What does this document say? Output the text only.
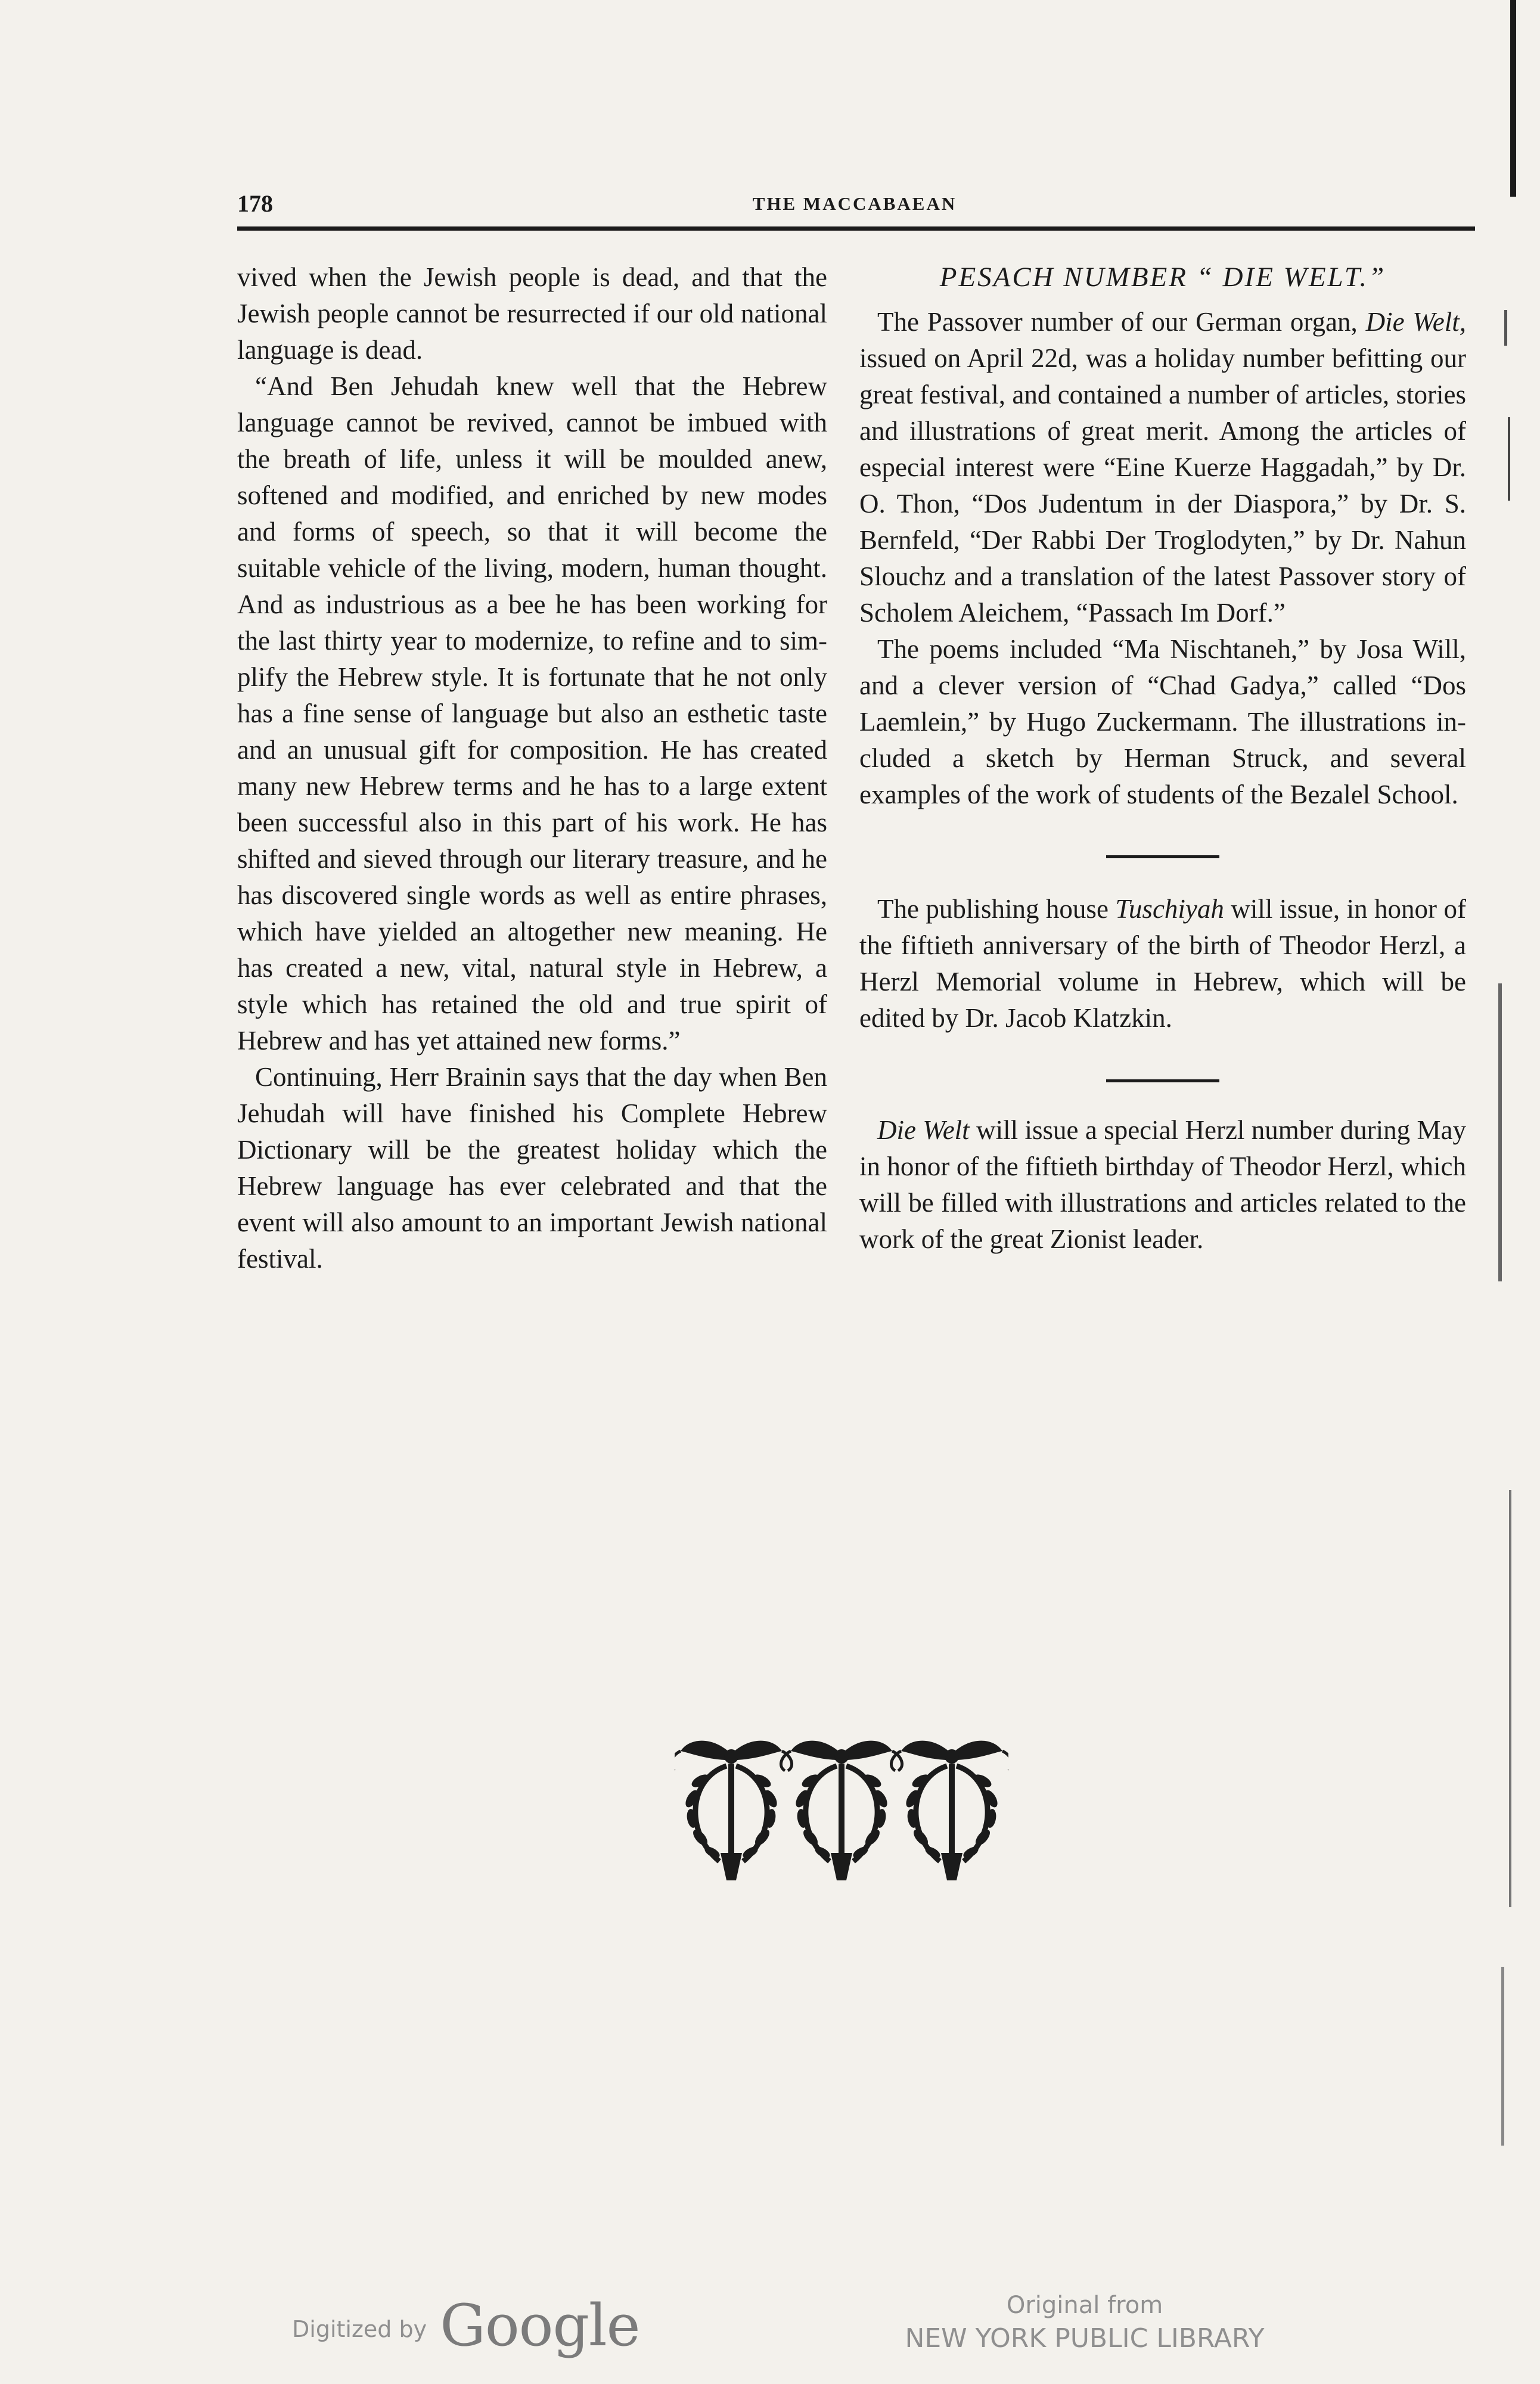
178	THE MACCABAEAN

vived when the Jewish people is dead, and that the Jewish people cannot be resurrected if our old national language is dead.

“And Ben Jehudah knew well that the Hebrew language cannot be revived, cannot be imbued with the breath of life, unless it will be moulded anew, softened and modified, and enriched by new modes and forms of speech, so that it will become the suitable vehicle of the living, modern, human thought. And as industrious as a bee he has been working for the last thirty year to modernize, to refine and to simplify the Hebrew style. It is fortunate that he not only has a fine sense of language but also an esthetic taste and an unusual gift for composition. He has created many new Hebrew terms and he has to a large extent been successful also in this part of his work. He has shifted and sieved through our literary treasure, and he has discovered single words as well as entire phrases, which have yielded an altogether new meaning. He has created a new, vital, natural style in Hebrew, a style which has retained the old and true spirit of Hebrew and has yet attained new forms.”

Continuing, Herr Brainin says that the day when Ben Jehudah will have finished his Complete Hebrew Dictionary will be the greatest holiday which the Hebrew language has ever celebrated and that the event will also amount to an important Jewish national festival.

PESACH NUMBER “ DIE WELT.”

The Passover number of our German organ, Die Welt, issued on April 22d, was a holiday number befitting our great festival, and contained a number of articles, stories and illustrations of great merit. Among the articles of especial interest were “Eine Kuerze Haggadah,” by Dr. O. Thon, “Dos Judentum in der Diaspora,” by Dr. S. Bernfeld, “Der Rabbi Der Troglodyten,” by Dr. Nahun Slouchz and a translation of the latest Passover story of Scholem Aleichem, “Passach Im Dorf.”

The poems included “Ma Nischtaneh,” by Josa Will, and a clever version of “Chad Gadya,” called “Dos Laemlein,” by Hugo Zuckermann. The illustrations included a sketch by Herman Struck, and several examples of the work of students of the Bezalel School.

The publishing house Tuschiyah will issue, in honor of the fiftieth anniversary of the birth of Theodor Herzl, a Herzl Memorial volume in Hebrew, which will be edited by Dr. Jacob Klatzkin.

Die Welt will issue a special Herzl number during May in honor of the fiftieth birthday of Theodor Herzl, which will be filled with illustrations and articles related to the work of the great Zionist leader.

Digitized by Google	Original from
NEW YORK PUBLIC LIBRARY
